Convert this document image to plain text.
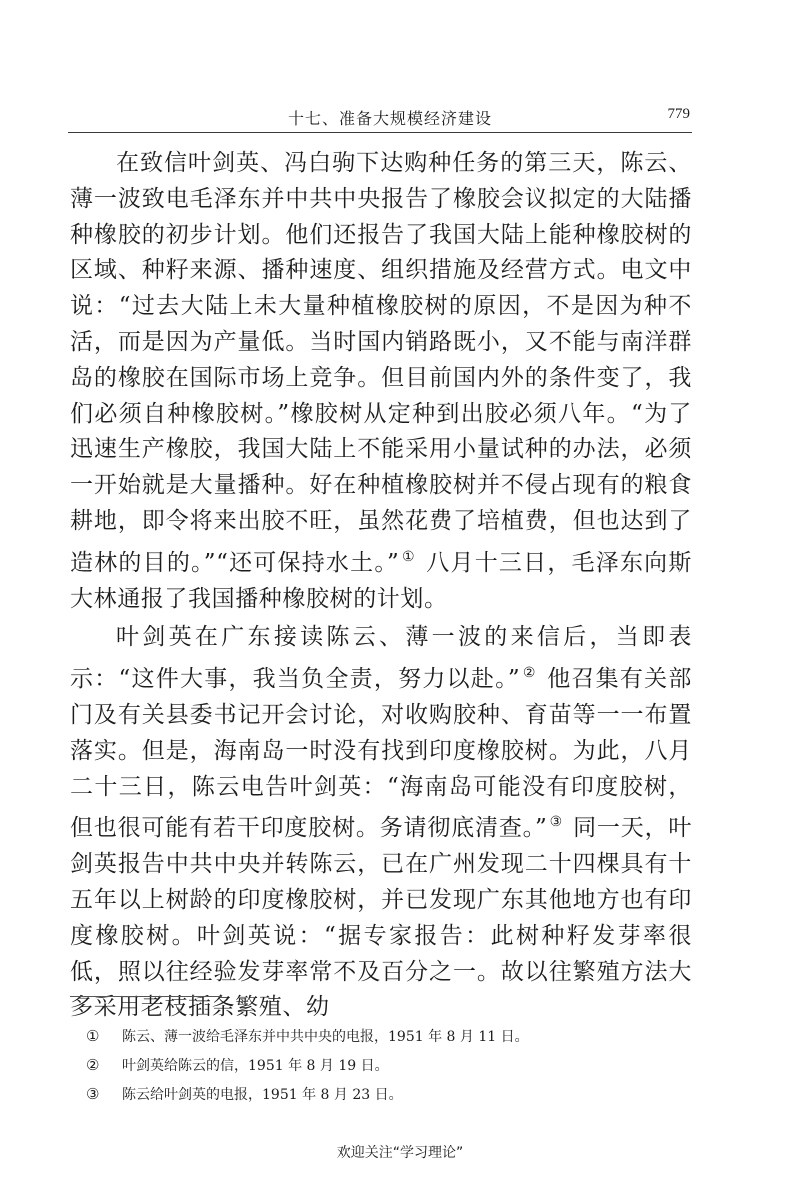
十七、准备大规模经济建设	779

在致信叶剑英、冯白驹下达购种任务的第三天，陈云、薄一波致电毛泽东并中共中央报告了橡胶会议拟定的大陆播种橡胶的初步计划。他们还报告了我国大陆上能种橡胶树的区域、种籽来源、播种速度、组织措施及经营方式。电文中说：“过去大陆上未大量种植橡胶树的原因，不是因为种不活，而是因为产量低。当时国内销路既小，又不能与南洋群岛的橡胶在国际市场上竞争。但目前国内外的条件变了，我们必须自种橡胶树。”橡胶树从定种到出胶必须八年。“为了迅速生产橡胶，我国大陆上不能采用小量试种的办法，必须一开始就是大量播种。好在种植橡胶树并不侵占现有的粮食耕地，即令将来出胶不旺，虽然花费了培植费，但也达到了造林的目的。”“还可保持水土。” ① 八月十三日，毛泽东向斯大林通报了我国播种橡胶树的计划。

叶剑英在广东接读陈云、薄一波的来信后，当即表示：“这件大事，我当负全责，努力以赴。” ② 他召集有关部门及有关县委书记开会讨论，对收购胶种、育苗等一一布置落实。但是，海南岛一时没有找到印度橡胶树。为此，八月二十三日，陈云电告叶剑英：“海南岛可能没有印度胶树，但也很可能有若干印度胶树。务请彻底清查。” ③ 同一天，叶剑英报告中共中央并转陈云，已在广州发现二十四棵具有十五年以上树龄的印度橡胶树，并已发现广东其他地方也有印度橡胶树。叶剑英说：“据专家报告：此树种籽发芽率很低，照以往经验发芽率常不及百分之一。故以往繁殖方法大多采用老枝插条繁殖、幼

① 陈云、薄一波给毛泽东并中共中央的电报，1951 年 8 月 11 日。
② 叶剑英给陈云的信，1951 年 8 月 19 日。
③ 陈云给叶剑英的电报，1951 年 8 月 23 日。
欢迎关注“学习理论”
